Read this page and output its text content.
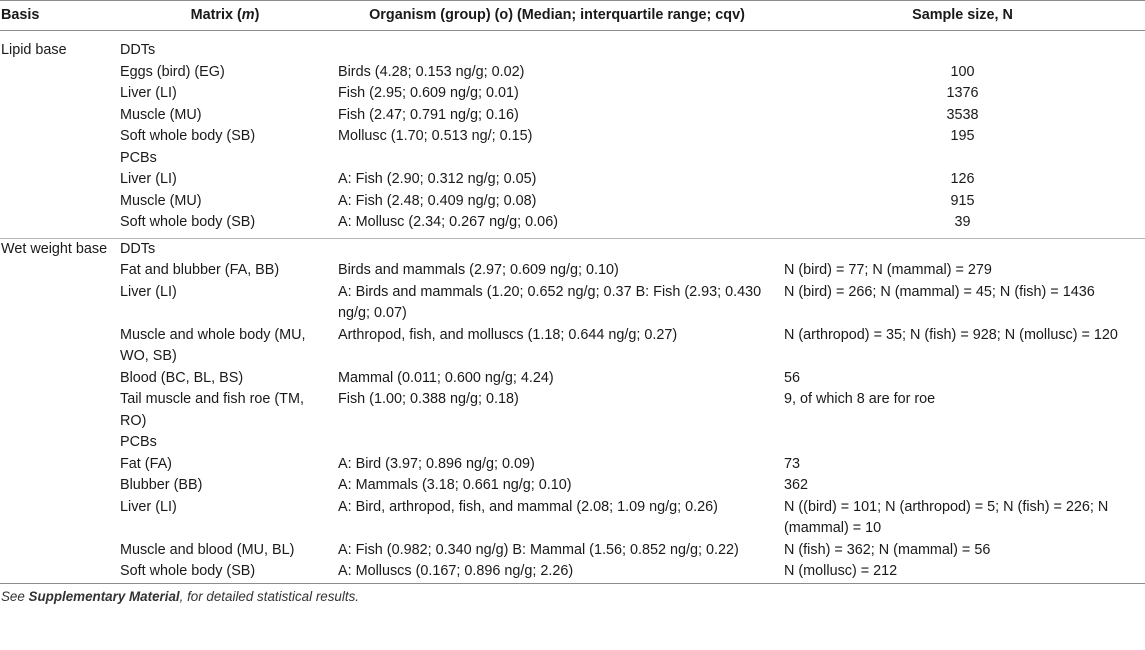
Basis	Matrix (m)	Organism (group) (o) (Median; interquartile range; cqv)	Sample size, N
Lipid base	DDTs		
	Eggs (bird) (EG)	Birds (4.28; 0.153 ng/g; 0.02)	100
	Liver (LI)	Fish (2.95; 0.609 ng/g; 0.01)	1376
	Muscle (MU)	Fish (2.47; 0.791 ng/g; 0.16)	3538
	Soft whole body (SB)	Mollusc (1.70; 0.513 ng/; 0.15)	195
	PCBs		
	Liver (LI)	A: Fish (2.90; 0.312 ng/g; 0.05)	126
	Muscle (MU)	A: Fish (2.48; 0.409 ng/g; 0.08)	915
	Soft whole body (SB)	A: Mollusc (2.34; 0.267 ng/g; 0.06)	39
Wet weight base	DDTs		
	Fat and blubber (FA, BB)	Birds and mammals (2.97; 0.609 ng/g; 0.10)	N (bird) = 77; N (mammal) = 279
	Liver (LI)	A: Birds and mammals (1.20; 0.652 ng/g; 0.37 B: Fish (2.93; 0.430 ng/g; 0.07)	N (bird) = 266; N (mammal) = 45; N (fish) = 1436
	Muscle and whole body (MU, WO, SB)	Arthropod, fish, and molluscs (1.18; 0.644 ng/g; 0.27)	N (arthropod) = 35; N (fish) = 928; N (mollusc) = 120
	Blood (BC, BL, BS)	Mammal (0.011; 0.600 ng/g; 4.24)	56
	Tail muscle and fish roe (TM, RO)	Fish (1.00; 0.388 ng/g; 0.18)	9, of which 8 are for roe
	PCBs		
	Fat (FA)	A: Bird (3.97; 0.896 ng/g; 0.09)	73
	Blubber (BB)	A: Mammals (3.18; 0.661 ng/g; 0.10)	362
	Liver (LI)	A: Bird, arthropod, fish, and mammal (2.08; 1.09 ng/g; 0.26)	N ((bird) = 101; N (arthropod) = 5; N (fish) = 226; N (mammal) = 10
	Muscle and blood (MU, BL)	A: Fish (0.982; 0.340 ng/g) B: Mammal (1.56; 0.852 ng/g; 0.22)	N (fish) = 362; N (mammal) = 56
	Soft whole body (SB)	A: Molluscs (0.167; 0.896 ng/g; 2.26)	N (mollusc) = 212
See Supplementary Material, for detailed statistical results.
